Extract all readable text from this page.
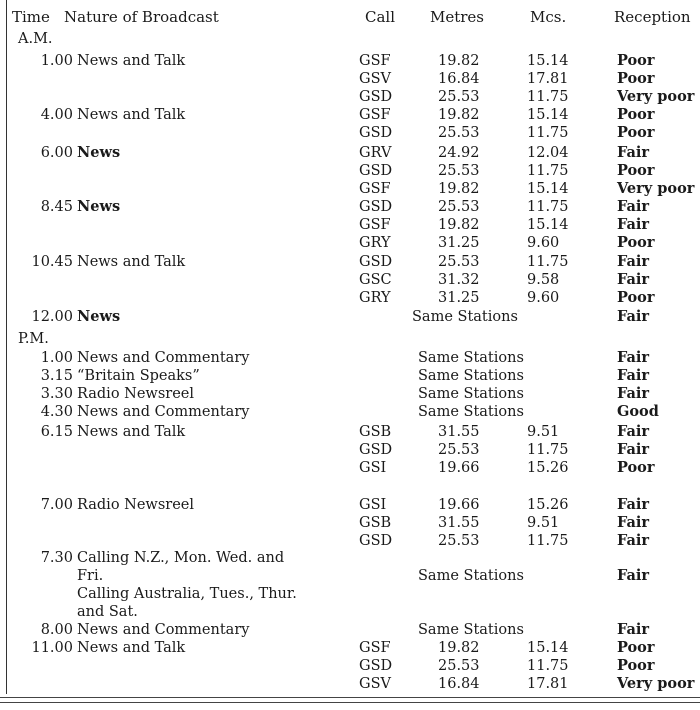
Time Nature of Broadcast	Call Metres	Mcs.	Reception
A.M.
P.M.
1.00 News and Talk	GSF	19.82	15.14	Poor
GSV	16.84	17.81	Poor
GSD	25.53	11.75	Very poor
4.00 News and Talk	GSF	19.82	15.14	Poor
GSD	25.53	11.75	Poor
6.00 News	GRV	24.92	12.04	Fair
GSD	25.53	11.75	Poor
GSF	19.82	15.14	Very poor
8.45 News	GSD	25.53	11.75	Fair
GSF	19.82	15.14	Fair
GRY	31.25	9.60	Poor
10.45 News and Talk	GSD	25.53	11.75	Fair
GSC	31.32	9.58	Fair
GRY	31.25	9.60	Poor
12.00 News	Same Stations	Fair
1.00 News and Commentary	Same Stations	Fair
3.15 “Britain Speaks”	Same Stations	Fair
3.30 Radio Newsreel	Same Stations	Fair
4.30 News and Commentary	Same Stations	Good
6.15 News and Talk	GSB	31.55	9.51	Fair
GSD	25.53	11.75	Fair
GSI	19.66	15.26	Poor
7.00 Radio Newsreel	GSI	19.66	15.26	Fair
GSB	31.55	9.51	Fair
GSD	25.53	11.75	Fair
7.30 Calling N.Z., Mon. Wed. and
Fri.	Same Stations	Fair
Calling Australia, Tues., Thur.
and Sat.
8.00 News and Commentary	Same Stations	Fair
11.00 News and Talk	GSF	19.82	15.14	Poor
GSD	25.53	11.75	Poor
GSV	16.84	17.81	Very poor
